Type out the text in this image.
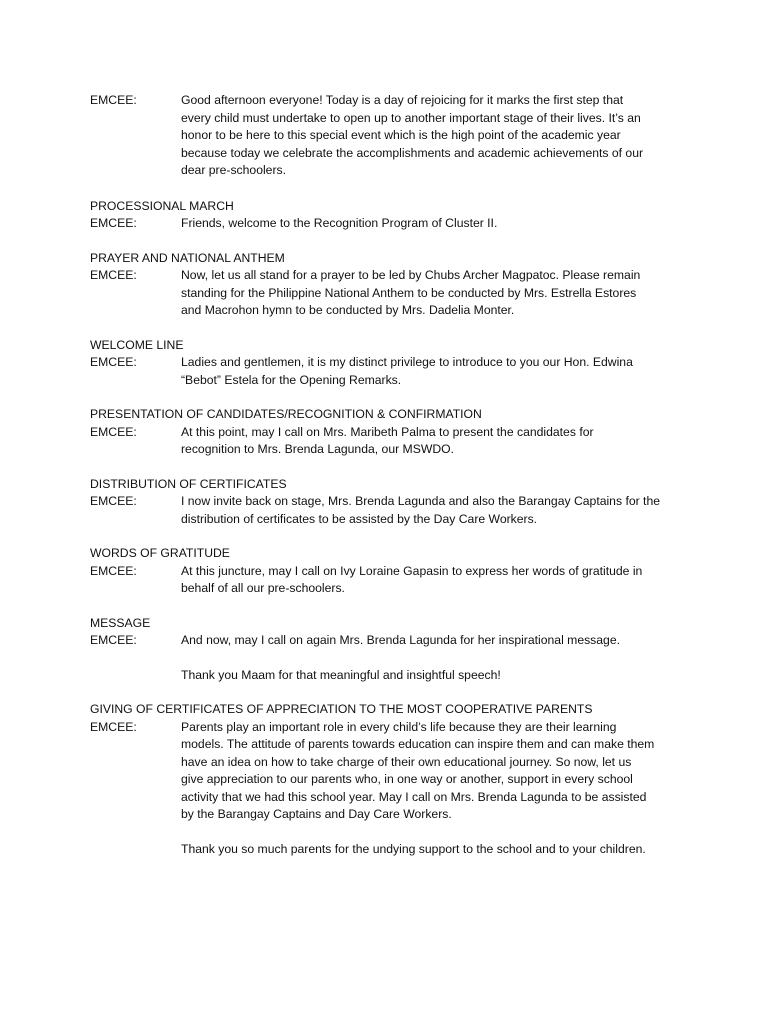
EMCEE:	Good afternoon everyone! Today is a day of rejoicing for it marks the first step that
every child must undertake to open up to another important stage of their lives. It’s an
honor to be here to this special event which is the high point of the academic year
because today we celebrate the accomplishments and academic achievements of our
dear pre-schoolers.
PROCESSIONAL MARCH
EMCEE:	Friends, welcome to the Recognition Program of Cluster II.
PRAYER AND NATIONAL ANTHEM
EMCEE:	Now, let us all stand for a prayer to be led by Chubs Archer Magpatoc. Please remain
standing for the Philippine National Anthem to be conducted by Mrs. Estrella Estores
and Macrohon hymn to be conducted by Mrs. Dadelia Monter.
WELCOME LINE
EMCEE:	Ladies and gentlemen, it is my distinct privilege to introduce to you our Hon. Edwina
“Bebot” Estela for the Opening Remarks.
PRESENTATION OF CANDIDATES/RECOGNITION & CONFIRMATION
EMCEE:	At this point, may I call on Mrs. Maribeth Palma to present the candidates for
recognition to Mrs. Brenda Lagunda, our MSWDO.
DISTRIBUTION OF CERTIFICATES
EMCEE:	I now invite back on stage, Mrs. Brenda Lagunda and also the Barangay Captains for the
distribution of certificates to be assisted by the Day Care Workers.
WORDS OF GRATITUDE
EMCEE:	At this juncture, may I call on Ivy Loraine Gapasin to express her words of gratitude in
behalf of all our pre-schoolers.
MESSAGE
EMCEE:	And now, may I call on again Mrs. Brenda Lagunda for her inspirational message.
Thank you Maam for that meaningful and insightful speech!
GIVING OF CERTIFICATES OF APPRECIATION TO THE MOST COOPERATIVE PARENTS
EMCEE:	Parents play an important role in every child’s life because they are their learning
models. The attitude of parents towards education can inspire them and can make them
have an idea on how to take charge of their own educational journey. So now, let us
give appreciation to our parents who, in one way or another, support in every school
activity that we had this school year. May I call on Mrs. Brenda Lagunda to be assisted
by the Barangay Captains and Day Care Workers.
Thank you so much parents for the undying support to the school and to your children.
